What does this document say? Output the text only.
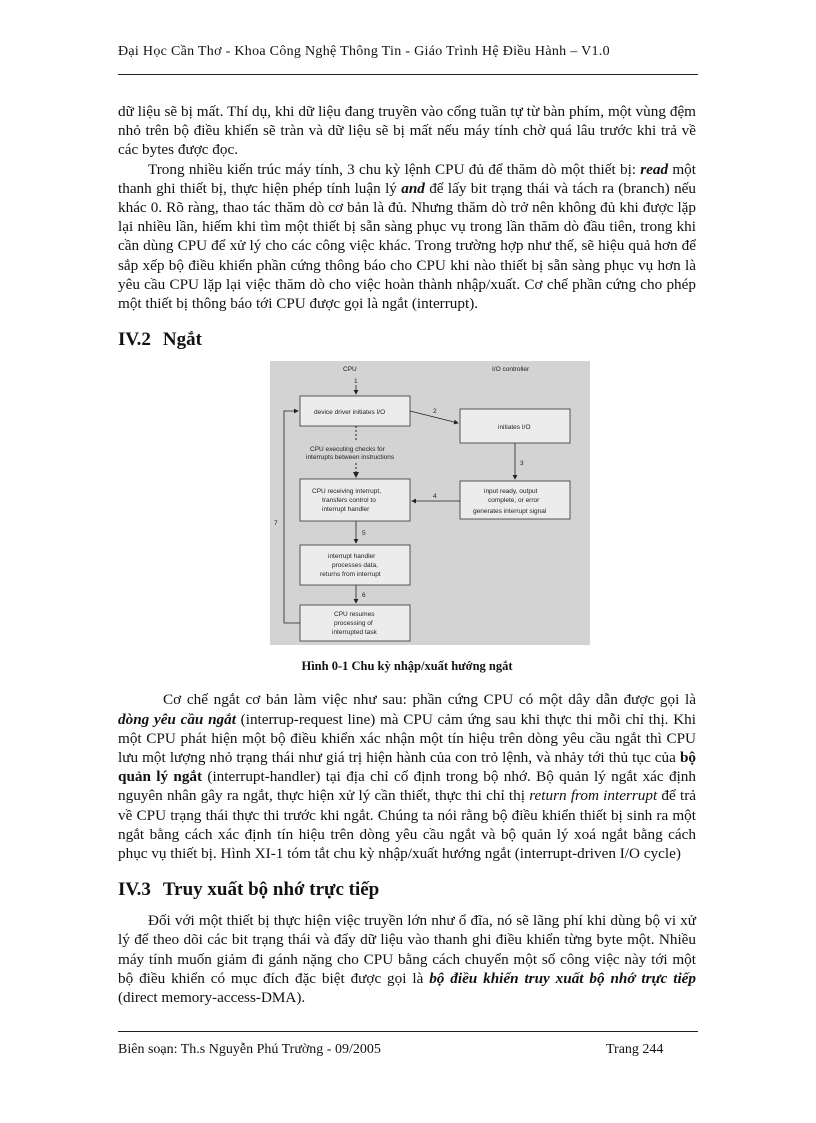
Đại Học Cần Thơ - Khoa Công Nghệ Thông Tin - Giáo Trình Hệ Điều Hành – V1.0

dữ liệu sẽ bị mất. Thí dụ, khi dữ liệu đang truyền vào cổng tuần tự từ bàn phím, một vùng đệm nhỏ trên bộ điều khiển sẽ tràn và dữ liệu sẽ bị mất nếu máy tính chờ quá lâu trước khi trả về các bytes được đọc.

Trong nhiều kiến trúc máy tính, 3 chu kỳ lệnh CPU đủ để thăm dò một thiết bị: read một thanh ghi thiết bị, thực hiện phép tính luận lý and để lấy bit trạng thái và tách ra (branch) nếu khác 0. Rõ ràng, thao tác thăm dò cơ bản là đủ. Nhưng thăm dò trở nên không đủ khi được lặp lại nhiều lần, hiếm khi tìm một thiết bị sẵn sàng phục vụ trong lần thăm dò đầu tiên, trong khi cần dùng CPU để xử lý cho các công việc khác. Trong trường hợp như thế, sẽ hiệu quả hơn để sắp xếp bộ điều khiển phần cứng thông báo cho CPU khi nào thiết bị sẵn sàng phục vụ hơn là yêu cầu CPU lặp lại việc thăm dò cho việc hoàn thành nhập/xuất. Cơ chế phần cứng cho phép một thiết bị thông báo tới CPU được gọi là ngắt (interrupt).

IV.2 Ngắt
CPU	I/O controller
1
device driver initiates I/O	2
initiates I/O
CPU executing checks for
interrupts between instructions
3
CPU receiving interrupt,
transfers control to
interrupt handler
input ready, output
complete, or error
generates interrupt signal
4
5
interrupt handler
processes data,
returns from interrupt
6
CPU resumes
processing of
interrupted task
7
Hình 0-1 Chu kỳ nhập/xuất hướng ngắt

Cơ chế ngắt cơ bản làm việc như sau: phần cứng CPU có một dây dẫn được gọi là dòng yêu cầu ngắt (interrup-request line) mà CPU cảm ứng sau khi thực thi mỗi chỉ thị. Khi một CPU phát hiện một bộ điều khiển xác nhận một tín hiệu trên dòng yêu cầu ngắt thì CPU lưu một lượng nhỏ trạng thái như giá trị hiện hành của con trỏ lệnh, và nhảy tới thủ tục của bộ quản lý ngắt (interrupt-handler) tại địa chỉ cố định trong bộ nhớ. Bộ quản lý ngắt xác định nguyên nhân gây ra ngắt, thực hiện xử lý cần thiết, thực thi chỉ thị return from interrupt để trả về CPU trạng thái thực thi trước khi ngắt. Chúng ta nói rằng bộ điều khiển thiết bị sinh ra một ngắt bằng cách xác định tín hiệu trên dòng yêu cầu ngắt và bộ quản lý xoá ngắt bằng cách phục vụ thiết bị. Hình XI-1 tóm tắt chu kỳ nhập/xuất hướng ngắt (interrupt-driven I/O cycle)

IV.3 Truy xuất bộ nhớ trực tiếp

Đối với một thiết bị thực hiện việc truyền lớn như ổ đĩa, nó sẽ lãng phí khi dùng bộ vi xử lý để theo dõi các bit trạng thái và đẩy dữ liệu vào thanh ghi điều khiển từng byte một. Nhiều máy tính muốn giảm đi gánh nặng cho CPU bằng cách chuyển một số công việc này tới một bộ điều khiển có mục đích đặc biệt được gọi là bộ điều khiển truy xuất bộ nhớ trực tiếp (direct memory-access-DMA).

Biên soạn: Th.s Nguyễn Phú Trường - 09/2005	Trang 244
